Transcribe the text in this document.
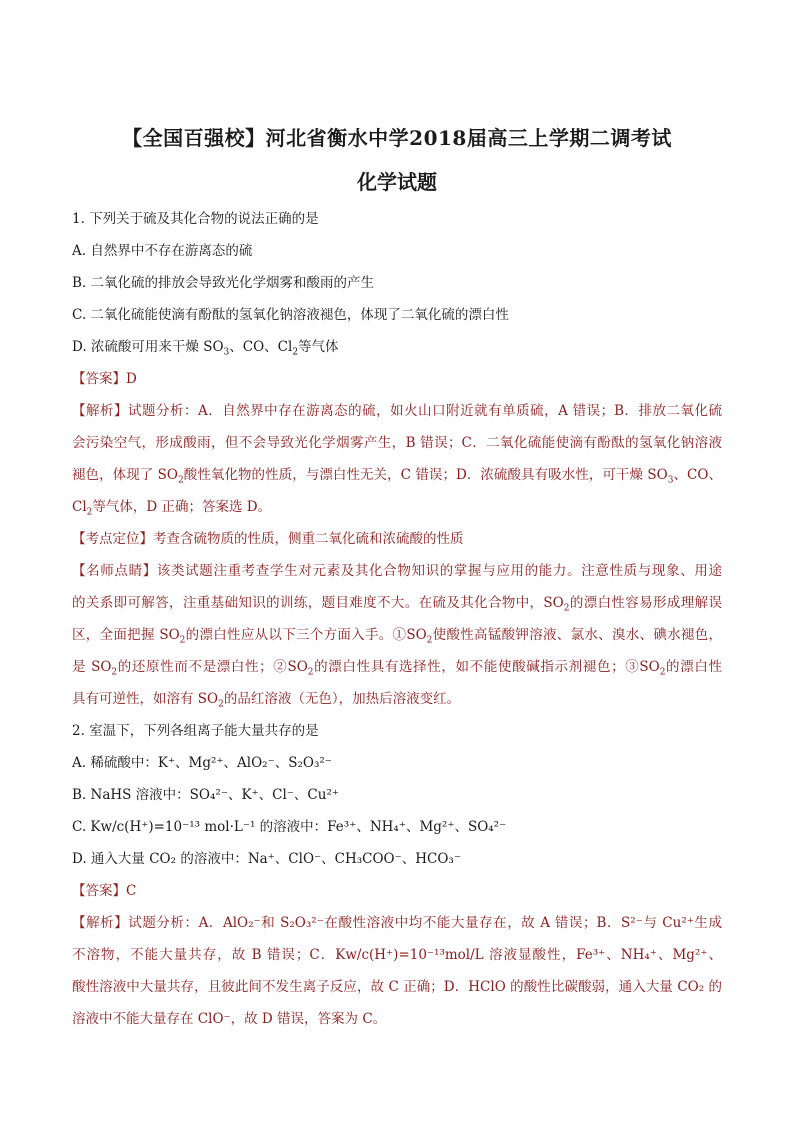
【全国百强校】河北省衡水中学2018届高三上学期二调考试
化学试题
1. 下列关于硫及其化合物的说法正确的是
A. 自然界中不存在游离态的硫
B. 二氧化硫的排放会导致光化学烟雾和酸雨的产生
C. 二氧化硫能使滴有酚酞的氢氧化钠溶液褪色，体现了二氧化硫的漂白性
D. 浓硫酸可用来干燥 $SO_3$、CO、$Cl_2$等气体
【答案】D
【解析】试题分析：A．自然界中存在游离态的硫，如火山口附近就有单质硫，A 错误；B．排放二氧化硫
会污染空气，形成酸雨，但不会导致光化学烟雾产生，B 错误；C．二氧化硫能使滴有酚酞的氢氧化钠溶液
褪色，体现了 $SO_2$酸性氧化物的性质，与漂白性无关，C 错误；D．浓硫酸具有吸水性，可干燥 $SO_3$、CO、
$Cl_2$等气体，D 正确；答案选 D。
【考点定位】考查含硫物质的性质，侧重二氧化硫和浓硫酸的性质
【名师点睛】该类试题注重考查学生对元素及其化合物知识的掌握与应用的能力。注意性质与现象、用途
的关系即可解答，注重基础知识的训练，题目难度不大。在硫及其化合物中，$SO_2$的漂白性容易形成理解误
区，全面把握 $SO_2$的漂白性应从以下三个方面入手。$①SO_2$使酸性高锰酸钾溶液、氯水、溴水、碘水褪色，
是 $SO_2$的还原性而不是漂白性；$②SO_2$的漂白性具有选择性，如不能使酸碱指示剂褪色；$③SO_2$的漂白性
具有可逆性，如溶有 $SO_2$的品红溶液（无色），加热后溶液变红。
2. 室温下，下列各组离子能大量共存的是
A. 稀硫酸中：K⁺、Mg²⁺、AlO₂⁻、S₂O₃²⁻
B. NaHS 溶液中：SO₄²⁻、K⁺、Cl⁻、Cu²⁺
C. Kw/c(H⁺)=10⁻¹³ mol·L⁻¹ 的溶液中：Fe³⁺、NH₄⁺、Mg²⁺、SO₄²⁻
D. 通入大量 CO₂ 的溶液中：Na⁺、ClO⁻、CH₃COO⁻、HCO₃⁻
【答案】C
【解析】试题分析：A．AlO₂⁻和 S₂O₃²⁻在酸性溶液中均不能大量存在，故 A 错误；B．S²⁻与 Cu²⁺生成
不溶物，不能大量共存，故 B 错误；C．Kw/c(H⁺)=10⁻¹³mol/L 溶液显酸性，Fe³⁺、NH₄⁺、Mg²⁺、
酸性溶液中大量共存，且彼此间不发生离子反应，故 C 正确；D．HClO 的酸性比碳酸弱，通入大量 CO₂ 的
溶液中不能大量存在 ClO⁻，故 D 错误，答案为 C。
